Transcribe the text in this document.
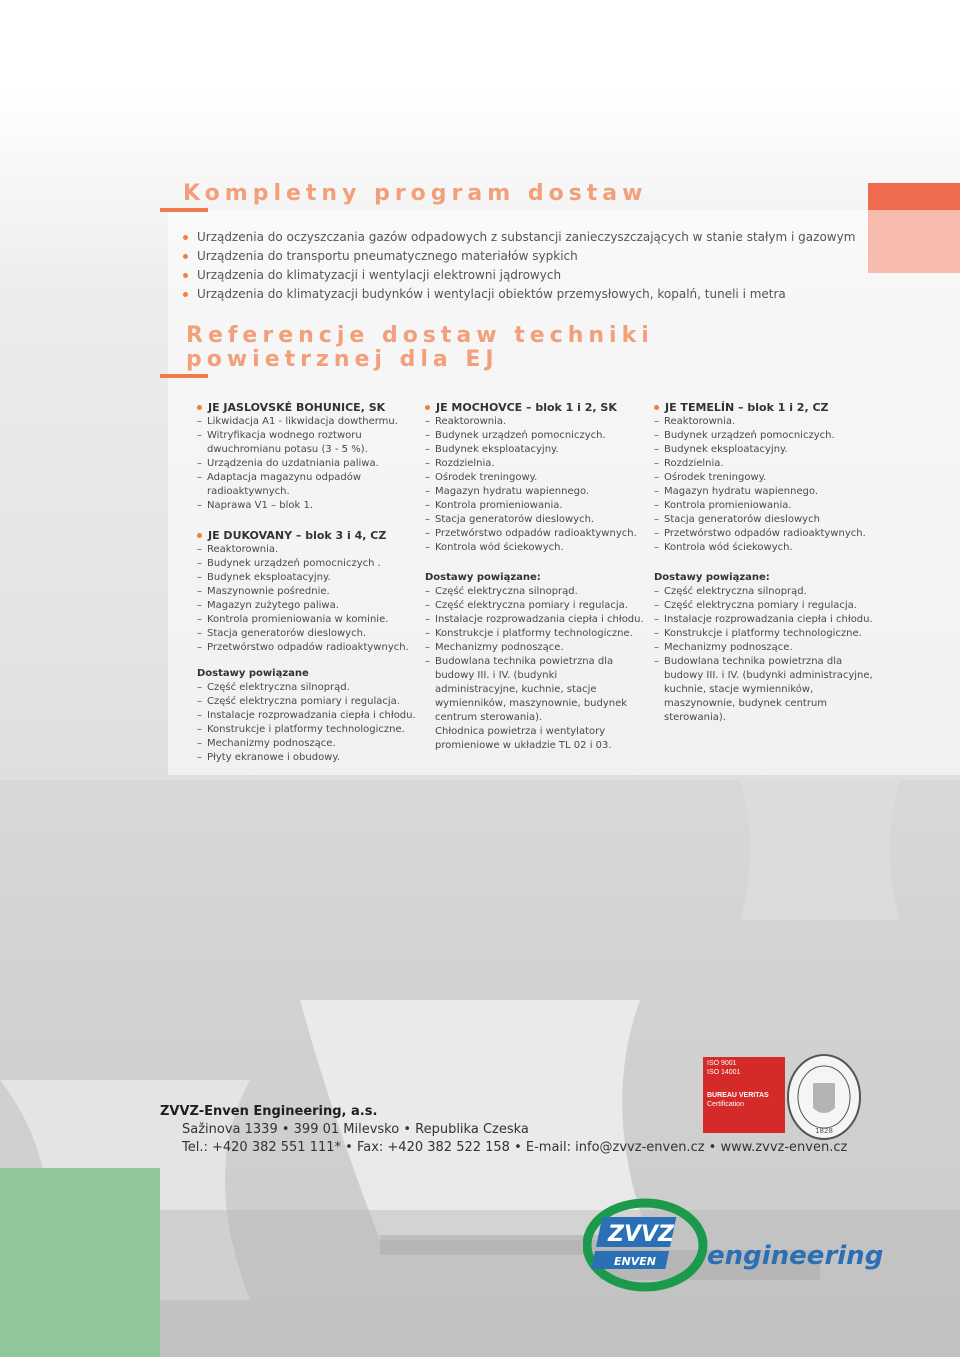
Kompletny program dostaw
Urządzenia do oczyszczania gazów odpadowych z substancji zanieczyszczających w stanie stałym i gazowym
Urządzenia do transportu pneumatycznego materiałów sypkich
Urządzenia do klimatyzacji i wentylacji elektrowni jądrowych
Urządzenia do klimatyzacji budynków i wentylacji obiektów przemysłowych, kopalń, tuneli i metra
Referencje dostaw techniki
powietrznej dla EJ
JE JASLOVSKÉ BOHUNICE, SK
– Likwidacja A1 - likwidacja dowthermu.
– Witryfikacja wodnego roztworu dwuchromianu potasu (3 - 5 %).
– Urządzenia do uzdatniania paliwa.
– Adaptacja magazynu odpadów radioaktywnych.
– Naprawa V1 – blok 1.
JE DUKOVANY – blok 3 i 4, CZ
– Reaktorownia.
– Budynek urządzeń pomocniczych .
– Budynek eksploatacyjny.
– Maszynownie pośrednie.
– Magazyn zużytego paliwa.
– Kontrola promieniowania w kominie.
– Stacja generatorów dieslowych.
– Przetwórstwo odpadów radioaktywnych.
Dostawy powiązane
– Część elektryczna silnoprąd.
– Część elektryczna pomiary i regulacja.
– Instalacje rozprowadzania ciepła i chłodu.
– Konstrukcje i platformy technologiczne.
– Mechanizmy podnoszące.
– Płyty ekranowe i obudowy.
JE MOCHOVCE – blok 1 i 2, SK
– Reaktorownia.
– Budynek urządzeń pomocniczych.
– Budynek eksploatacyjny.
– Rozdzielnia.
– Ośrodek treningowy.
– Magazyn hydratu wapiennego.
– Kontrola promieniowania.
– Stacja generatorów dieslowych.
– Przetwórstwo odpadów radioaktywnych.
– Kontrola wód ściekowych.
Dostawy powiązane:
– Część elektryczna silnoprąd.
– Część elektryczna pomiary i regulacja.
– Instalacje rozprowadzania ciepła i chłodu.
– Konstrukcje i platformy technologiczne.
– Mechanizmy podnoszące.
– Budowlana technika powietrzna dla budowy III. i IV. (budynki administracyjne, kuchnie, stacje wymienników, maszynownie, budynek centrum sterowania).
Chłodnica powietrza i wentylatory promieniowe w układzie TL 02 i 03.
JE TEMELÍN – blok 1 i 2, CZ
– Reaktorownia.
– Budynek urządzeń pomocniczych.
– Budynek eksploatacyjny.
– Rozdzielnia.
– Ośrodek treningowy.
– Magazyn hydratu wapiennego.
– Kontrola promieniowania.
– Stacja generatorów dieslowych
– Przetwórstwo odpadów radioaktywnych.
– Kontrola wód ściekowych.
Dostawy powiązane:
– Część elektryczna silnoprąd.
– Część elektryczna pomiary i regulacja.
– Instalacje rozprowadzania ciepła i chłodu.
– Konstrukcje i platformy technologiczne.
– Mechanizmy podnoszące.
– Budowlana technika powietrzna dla budowy III. i IV. (budynki administracyjne, kuchnie, stacje wymienników, maszynownie, budynek centrum sterowania).
ISO 9001
ISO 14001
BUREAU VERITAS
Certification
1828
ZVVZ-Enven Engineering, a.s.
Sažinova 1339 • 399 01 Milevsko • Republika Czeska
Tel.: +420 382 551 111* • Fax: +420 382 522 158 • E-mail: info@zvvz-enven.cz • www.zvvz-enven.cz
ZVVZ
ENVEN engineering
